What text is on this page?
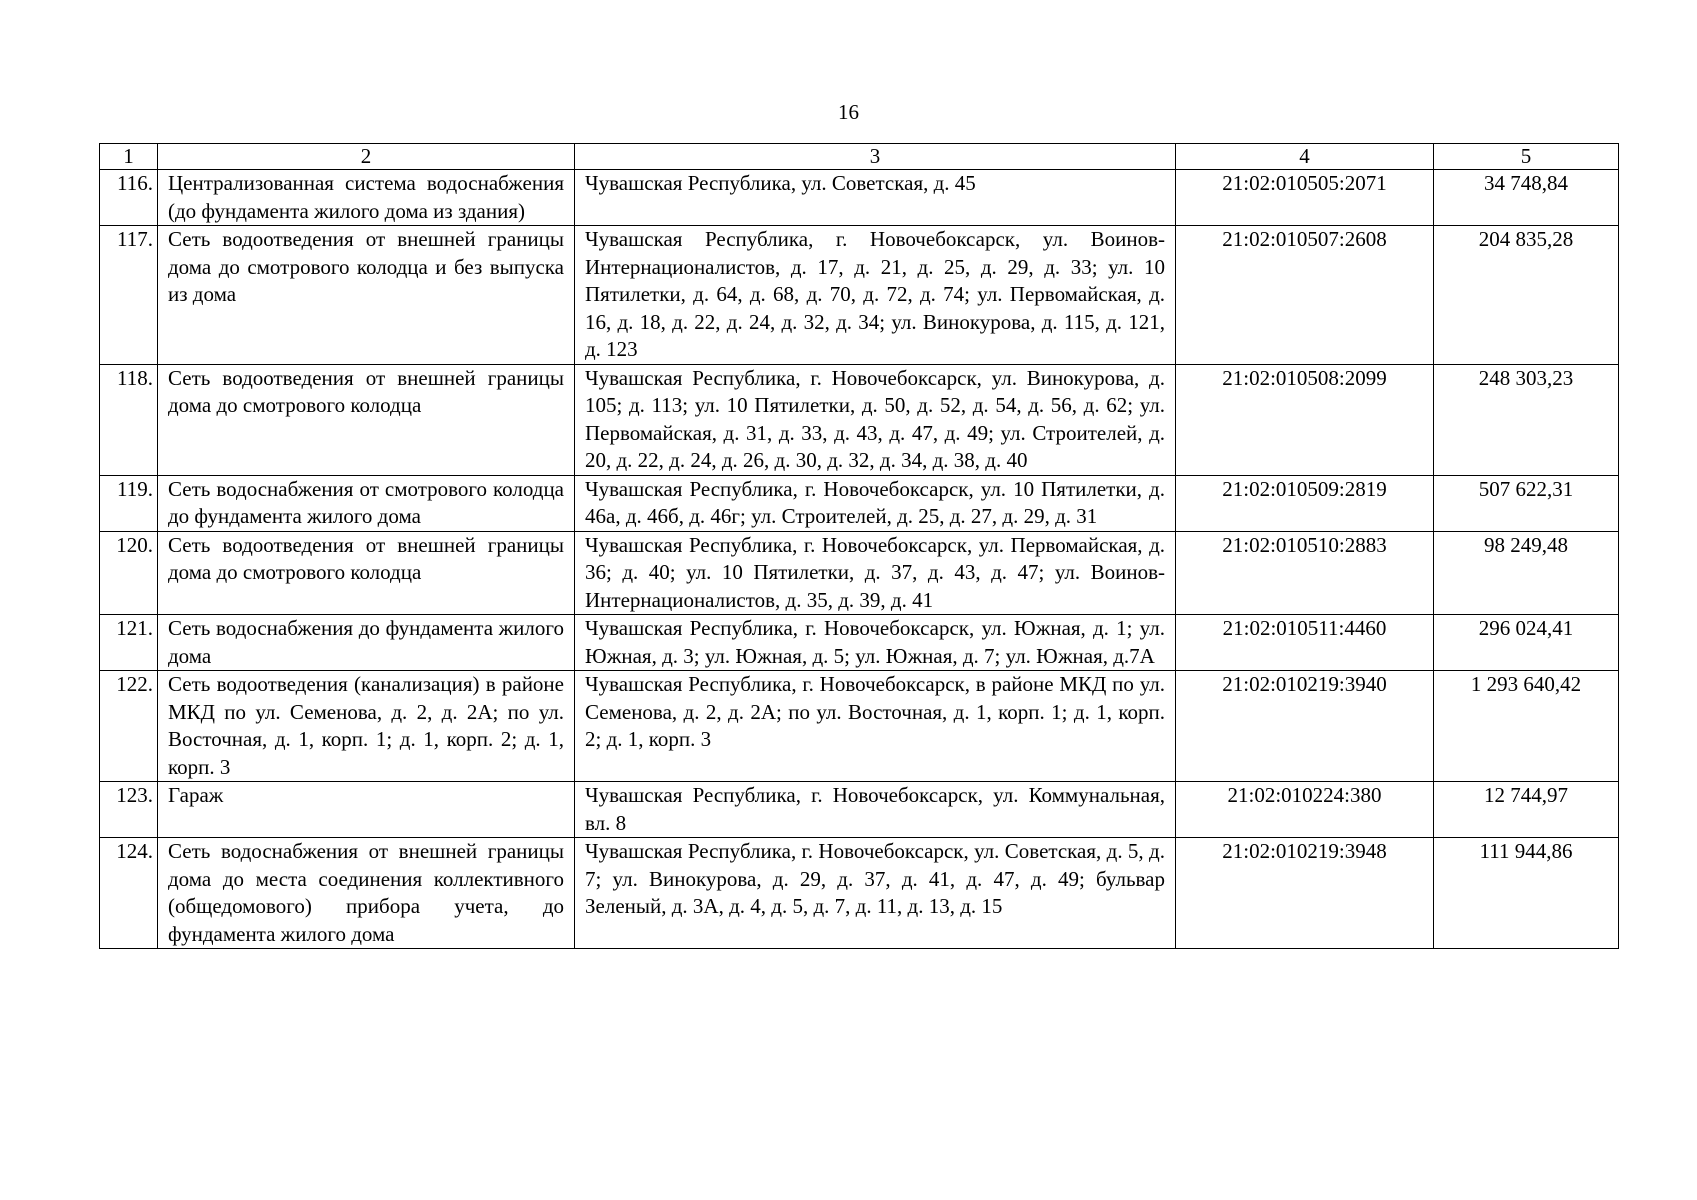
16
1	2	3	4	5
116.	Централизованная система водоснабжения (до фундамента жилого дома из здания)	Чувашская Республика, ул. Советская, д. 45	21:02:010505:2071	34 748,84
117.	Сеть водоотведения от внешней границы дома до смотрового колодца и без выпуска из дома	Чувашская Республика, г. Новочебоксарск, ул. Воинов-Интернационалистов, д. 17, д. 21, д. 25, д. 29, д. 33; ул. 10 Пятилетки, д. 64, д. 68, д. 70, д. 72, д. 74; ул. Первомайская, д. 16, д. 18, д. 22, д. 24, д. 32, д. 34; ул. Винокурова, д. 115, д. 121, д. 123	21:02:010507:2608	204 835,28
118.	Сеть водоотведения от внешней границы дома до смотрового колодца	Чувашская Республика, г. Новочебоксарск, ул. Винокурова, д. 105; д. 113; ул. 10 Пятилетки, д. 50, д. 52, д. 54, д. 56, д. 62; ул. Первомайская, д. 31, д. 33, д. 43, д. 47, д. 49; ул. Строителей, д. 20, д. 22, д. 24, д. 26, д. 30, д. 32, д. 34, д. 38, д. 40	21:02:010508:2099	248 303,23
119.	Сеть водоснабжения от смотрового колодца до фундамента жилого дома	Чувашская Республика, г. Новочебоксарск, ул. 10 Пятилетки, д. 46а, д. 46б, д. 46г; ул. Строителей, д. 25, д. 27, д. 29, д. 31	21:02:010509:2819	507 622,31
120.	Сеть водоотведения от внешней границы дома до смотрового колодца	Чувашская Республика, г. Новочебоксарск, ул. Первомайская, д. 36; д. 40; ул. 10 Пятилетки, д. 37, д. 43, д. 47; ул. Воинов-Интернационалистов, д. 35, д. 39, д. 41	21:02:010510:2883	98 249,48
121.	Сеть водоснабжения до фундамента жилого дома	Чувашская Республика, г. Новочебоксарск, ул. Южная, д. 1; ул. Южная, д. 3; ул. Южная, д. 5; ул. Южная, д. 7; ул. Южная, д.7А	21:02:010511:4460	296 024,41
122.	Сеть водоотведения (канализация) в районе МКД по ул. Семенова, д. 2, д. 2А; по ул. Восточная, д. 1, корп. 1; д. 1, корп. 2; д. 1, корп. 3	Чувашская Республика, г. Новочебоксарск, в районе МКД по ул. Семенова, д. 2, д. 2А; по ул. Восточная, д. 1, корп. 1; д. 1, корп. 2; д. 1, корп. 3	21:02:010219:3940	1 293 640,42
123.	Гараж	Чувашская Республика, г. Новочебоксарск, ул. Коммунальная, вл. 8	21:02:010224:380	12 744,97
124.	Сеть водоснабжения от внешней границы дома до места соединения коллективного (общедомового) прибора учета, до фундамента жилого дома	Чувашская Республика, г. Новочебоксарск, ул. Советская, д. 5, д. 7; ул. Винокурова, д. 29, д. 37, д. 41, д. 47, д. 49; бульвар Зеленый, д. 3А, д. 4, д. 5, д. 7, д. 11, д. 13, д. 15	21:02:010219:3948	111 944,86
